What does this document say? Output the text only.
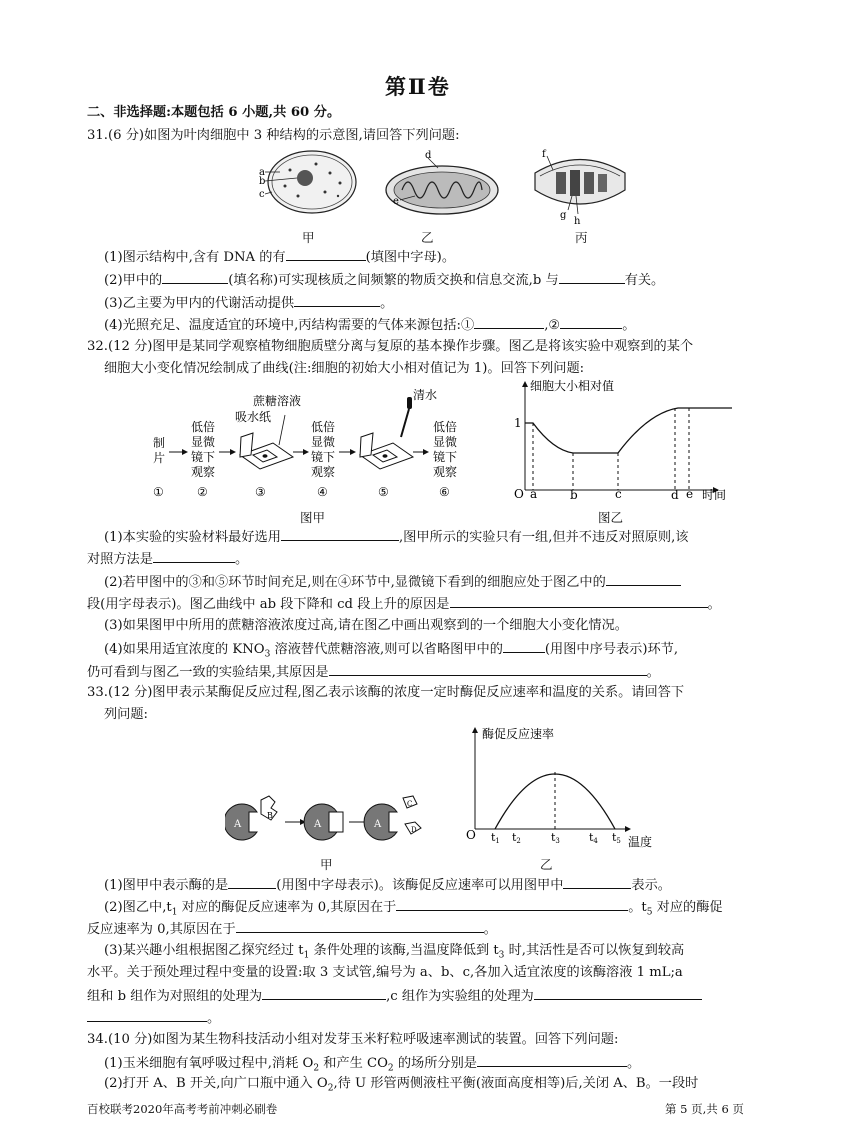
第Ⅱ卷
二、非选择题:本题包括 6 小题,共 60 分。
31.(6 分)如图为叶肉细胞中 3 种结构的示意图,请回答下列问题:
a
b
c
d
e
f
g
h
甲	乙	丙
(1)图示结构中,含有 DNA 的有	(填图中字母)。
(2)甲中的	(填名称)可实现核质之间频繁的物质交换和信息交流,b 与	有关。
(3)乙主要为甲内的代谢活动提供	。
(4)光照充足、温度适宜的环境中,丙结构需要的气体来源包括:①	,②	。
32.(12 分)图甲是某同学观察植物细胞质壁分离与复原的基本操作步骤。图乙是将该实验中观察到的某个
细胞大小变化情况绘制成了曲线(注:细胞的初始大小相对值记为 1)。回答下列问题:
制
片
低倍
显微
镜下
观察
吸水纸
蔗糖溶液
低倍
显微
镜下
观察
清水
低倍
显微
镜下
观察
①	②	③	④	⑤	⑥
细胞大小相对值
1
O a	b	c	d e 时间
图甲	图乙
(1)本实验的实验材料最好选用	,图甲所示的实验只有一组,但并不违反对照原则,该
对照方法是	。
(2)若甲图中的③和⑤环节时间充足,则在④环节中,显微镜下看到的细胞应处于图乙中的
段(用字母表示)。图乙曲线中 ab 段下降和 cd 段上升的原因是	。
(3)如果图甲中所用的蔗糖溶液浓度过高,请在图乙中画出观察到的一个细胞大小变化情况。
(4)如果用适宜浓度的 $KNO_3$ 溶液替代蔗糖溶液,则可以省略图甲中的	(用图中序号表示)环节,
仍可看到与图乙一致的实验结果,其原因是	。
33.(12 分)图甲表示某酶促反应过程,图乙表示该酶的浓度一定时酶促反应速率和温度的关系。请回答下
列问题:
A
B
A	A
C
D
酶促反应速率
O t1 t2	t3	t4 t5 温度
甲	乙
(1)图甲中表示酶的是	(用图中字母表示)。该酶促反应速率可以用图甲中	表示。
(2)图乙中$,t_1$ 对应的酶促反应速率为 0,其原因在于	。$t_5$ 对应的酶促
反应速率为 0,其原因在于	。
(3)某兴趣小组根据图乙探究经过 $t_1$ 条件处理的该酶,当温度降低到 $t_3$ 时,其活性是否可以恢复到较高
水平。关于预处理过程中变量的设置:取 3 支试管,编号为 a、b、c,各加入适宜浓度的该酶溶液 1 mL;a
组和 b 组作为对照组的处理为	,c 组作为实验组的处理为
。
34.(10 分)如图为某生物科技活动小组对发芽玉米籽粒呼吸速率测试的装置。回答下列问题:
(1)玉米细胞有氧呼吸过程中,消耗 $O_2$ 和产生 $CO_2$ 的场所分别是	。
(2)打开 A、B 开关,向广口瓶中通入 $O_2$,待 U 形管两侧液柱平衡(液面高度相等)后,关闭 A、B。一段时
百校联考2020年高考考前冲刺必刷卷	第 5 页,共 6 页
